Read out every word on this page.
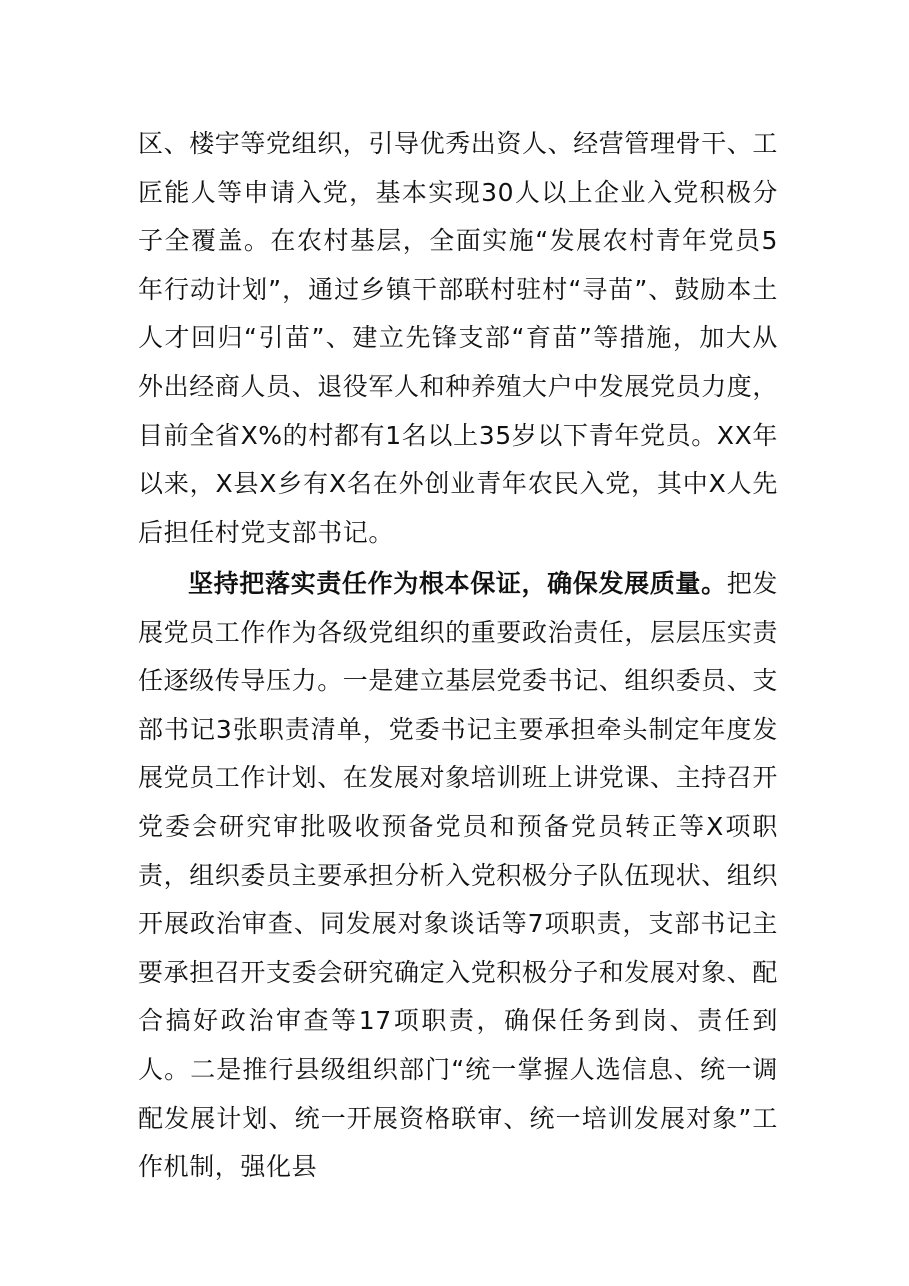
区、楼宇等党组织，引导优秀出资人、经营管理骨干、工匠能人等申请入党，基本实现30人以上企业入党积极分子全覆盖。在农村基层，全面实施“发展农村青年党员5年行动计划”，通过乡镇干部联村驻村“寻苗”、鼓励本土人才回归“引苗”、建立先锋支部“育苗”等措施，加大从外出经商人员、退役军人和种养殖大户中发展党员力度，目前全省X%的村都有1名以上35岁以下青年党员。XX年以来，X县X乡有X名在外创业青年农民入党，其中X人先后担任村党支部书记。

坚持把落实责任作为根本保证，确保发展质量。把发展党员工作作为各级党组织的重要政治责任，层层压实责任逐级传导压力。一是建立基层党委书记、组织委员、支部书记3张职责清单，党委书记主要承担牵头制定年度发展党员工作计划、在发展对象培训班上讲党课、主持召开党委会研究审批吸收预备党员和预备党员转正等X项职责，组织委员主要承担分析入党积极分子队伍现状、组织开展政治审查、同发展对象谈话等7项职责，支部书记主要承担召开支委会研究确定入党积极分子和发展对象、配合搞好政治审查等17项职责，确保任务到岗、责任到人。二是推行县级组织部门“统一掌握人选信息、统一调配发展计划、统一开展资格联审、统一培训发展对象”工作机制，强化县
